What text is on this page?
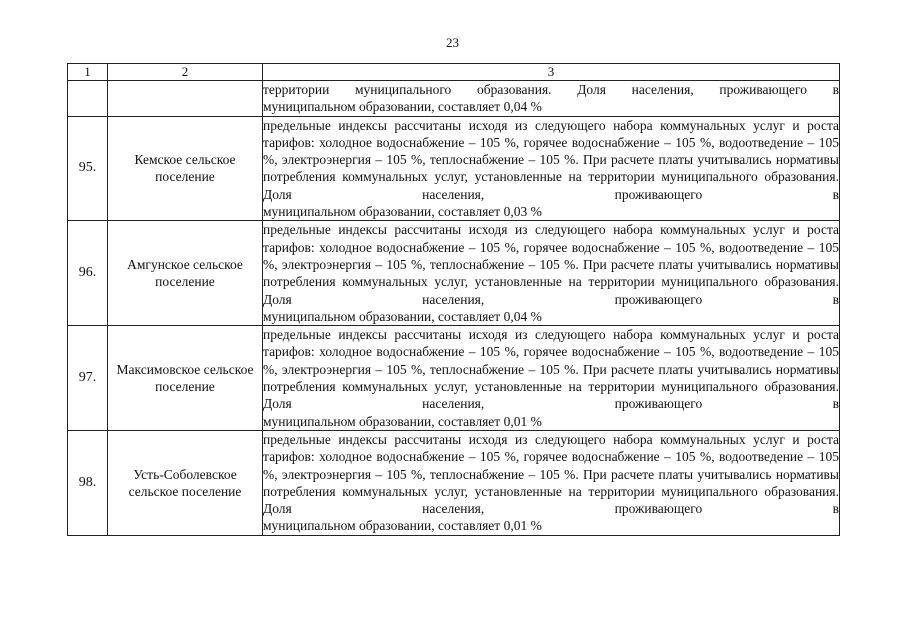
23
1	2	3

		территории муниципального образования. Доля населения, проживающего в
муниципальном образовании, составляет 0,04 %

95.	Кемское сельское поселение	предельные индексы рассчитаны исходя из следующего набора коммунальных услуг и роста тарифов: холодное водоснабжение – 105 %, горячее водоснабжение – 105 %, водоотведение – 105 %, электроэнергия – 105 %, теплоснабжение – 105 %. При расчете платы учитывались нормативы потребления коммунальных услуг, установленные на территории муниципального образования. Доля населения, проживающего в
муниципальном образовании, составляет 0,03 %

96.	Амгунское сельское поселение	предельные индексы рассчитаны исходя из следующего набора коммунальных услуг и роста тарифов: холодное водоснабжение – 105 %, горячее водоснабжение – 105 %, водоотведение – 105 %, электроэнергия – 105 %, теплоснабжение – 105 %. При расчете платы учитывались нормативы потребления коммунальных услуг, установленные на территории муниципального образования. Доля населения, проживающего в
муниципальном образовании, составляет 0,04 %

97.	Максимовское сельское поселение	предельные индексы рассчитаны исходя из следующего набора коммунальных услуг и роста тарифов: холодное водоснабжение – 105 %, горячее водоснабжение – 105 %, водоотведение – 105 %, электроэнергия – 105 %, теплоснабжение – 105 %. При расчете платы учитывались нормативы потребления коммунальных услуг, установленные на территории муниципального образования. Доля населения, проживающего в
муниципальном образовании, составляет 0,01 %

98.	Усть-Соболевское сельское поселение	предельные индексы рассчитаны исходя из следующего набора коммунальных услуг и роста тарифов: холодное водоснабжение – 105 %, горячее водоснабжение – 105 %, водоотведение – 105 %, электроэнергия – 105 %, теплоснабжение – 105 %. При расчете платы учитывались нормативы потребления коммунальных услуг, установленные на территории муниципального образования. Доля населения, проживающего в
муниципальном образовании, составляет 0,01 %
